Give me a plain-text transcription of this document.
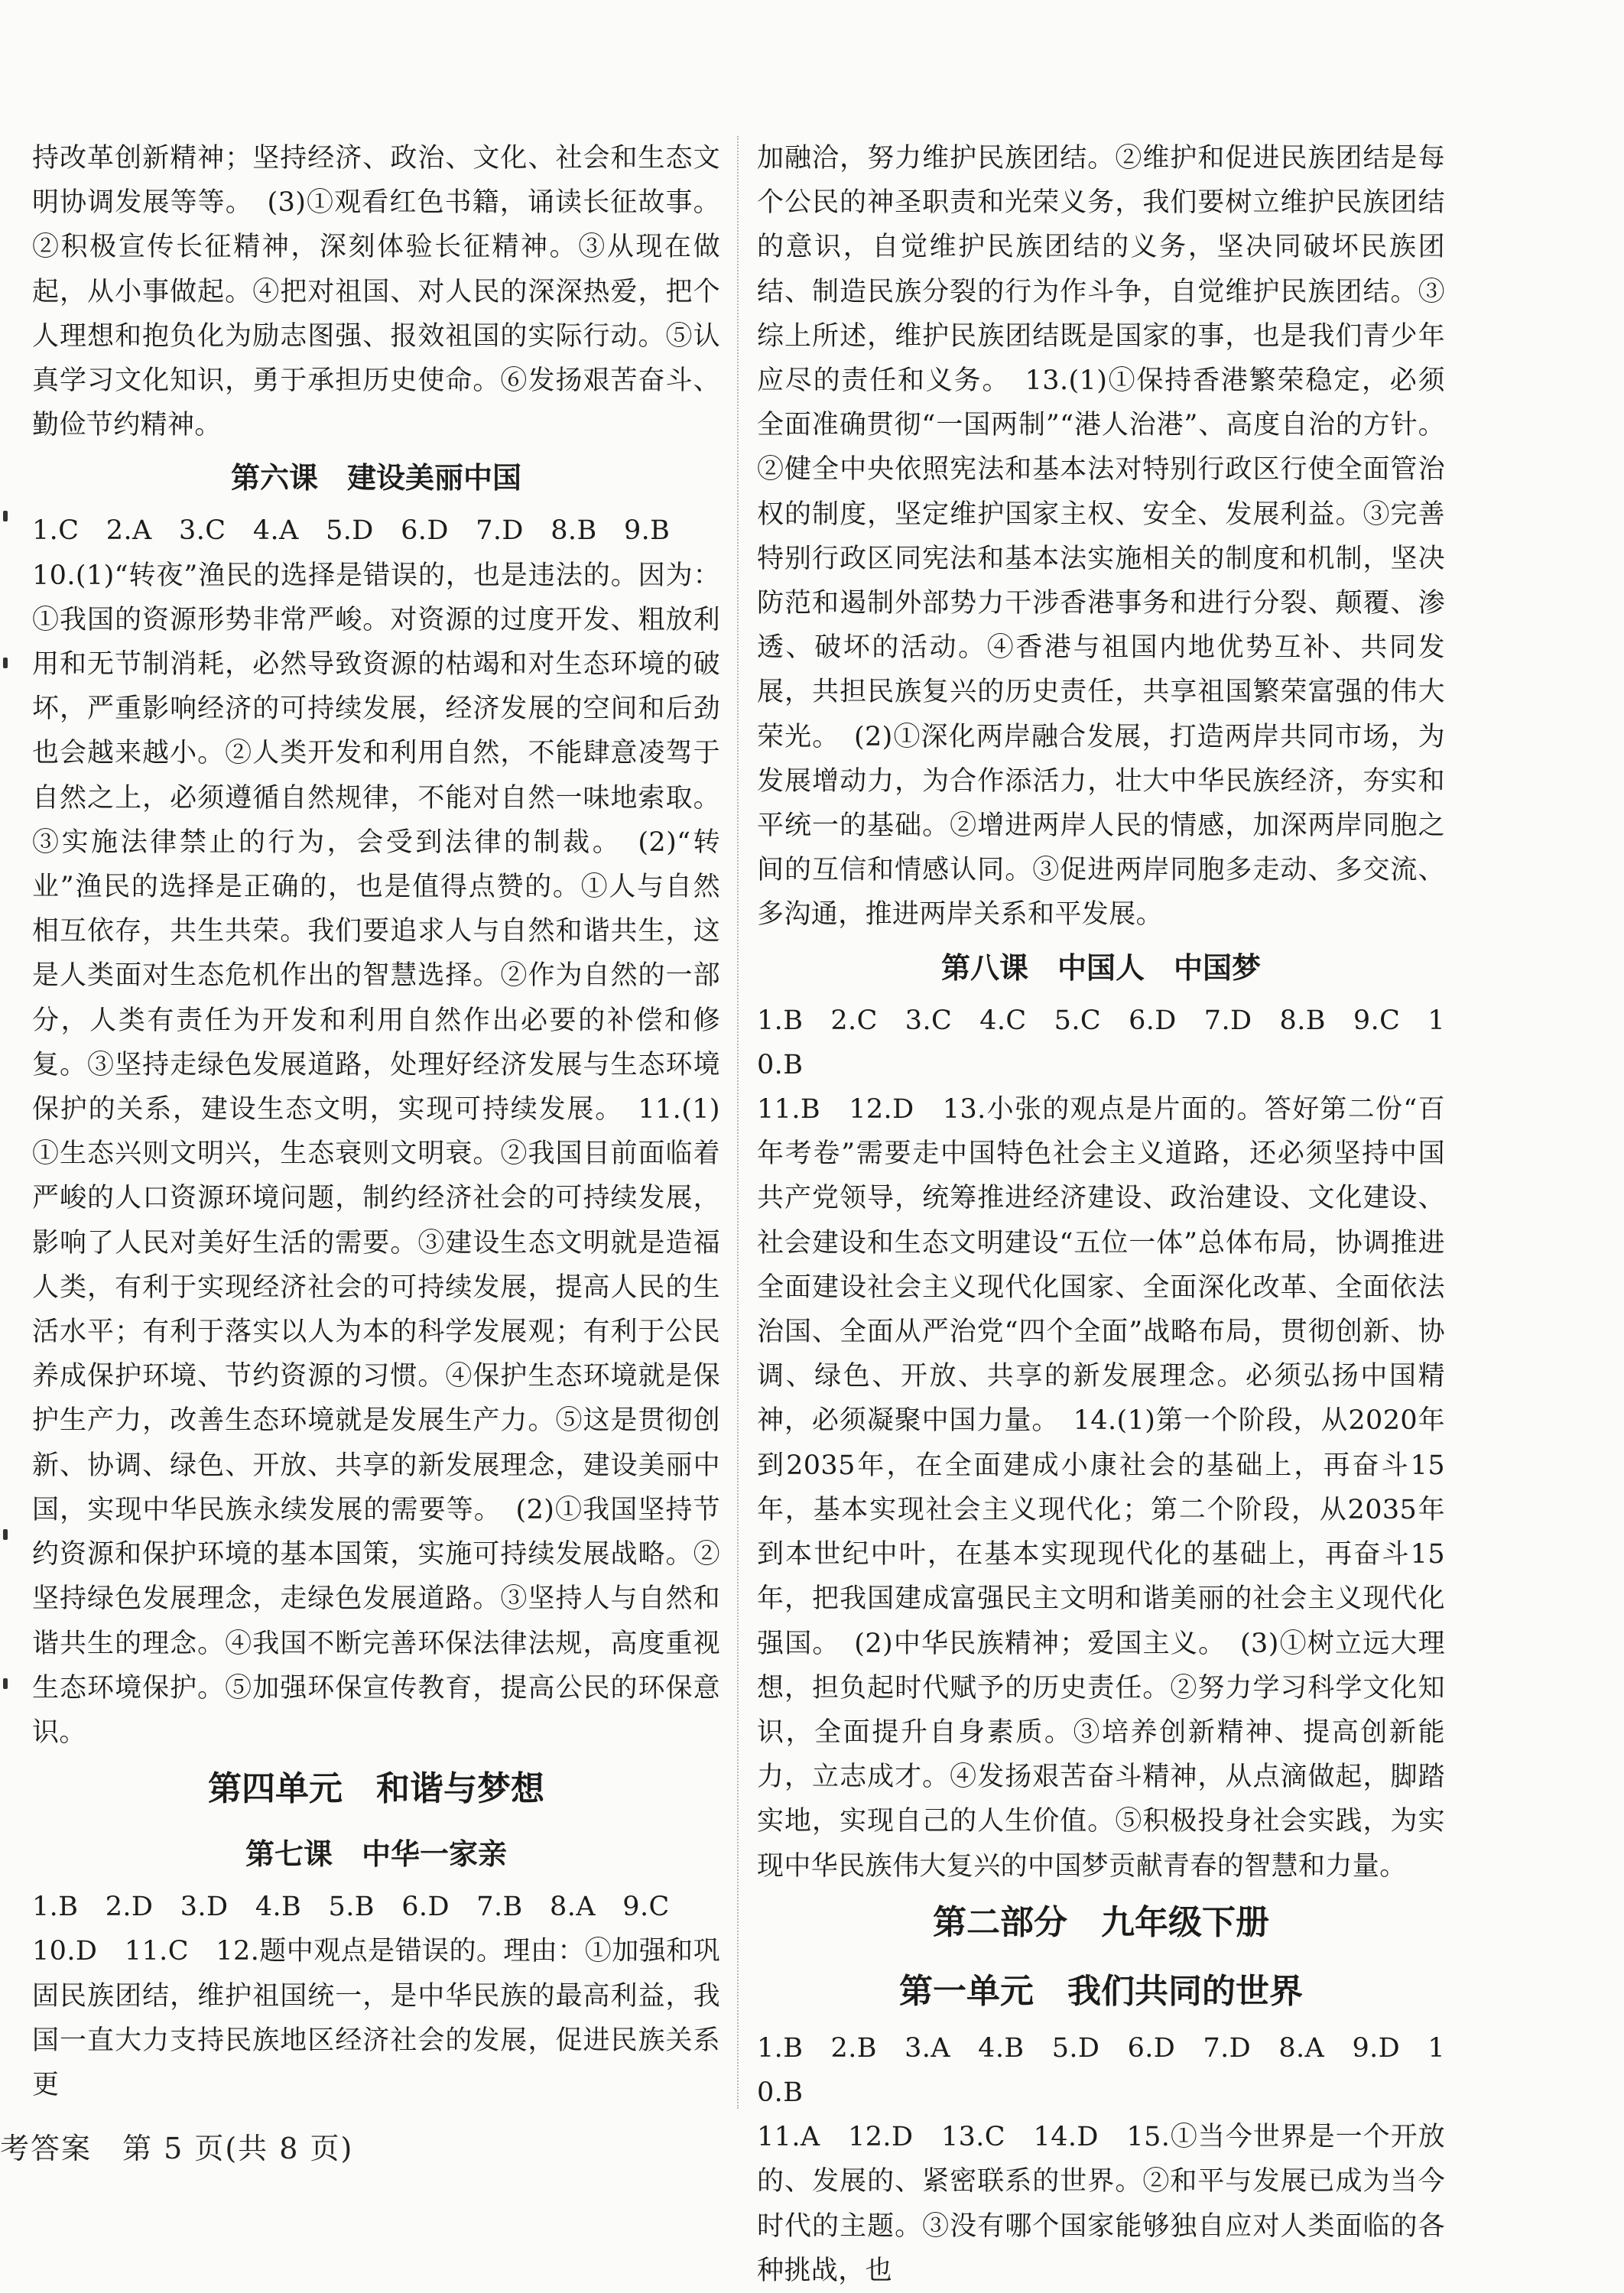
持改革创新精神；坚持经济、政治、文化、社会和生态文明协调发展等等。　(3)①观看红色书籍，诵读长征故事。②积极宣传长征精神，深刻体验长征精神。③从现在做起，从小事做起。④把对祖国、对人民的深深热爱，把个人理想和抱负化为励志图强、报效祖国的实际行动。⑤认真学习文化知识，勇于承担历史使命。⑥发扬艰苦奋斗、勤俭节约精神。

第六课　建设美丽中国

1.C　2.A　3.C　4.A　5.D　6.D　7.D　8.B　9.B

10.(1)“转夜”渔民的选择是错误的，也是违法的。因为：①我国的资源形势非常严峻。对资源的过度开发、粗放利用和无节制消耗，必然导致资源的枯竭和对生态环境的破坏，严重影响经济的可持续发展，经济发展的空间和后劲也会越来越小。②人类开发和利用自然，不能肆意凌驾于自然之上，必须遵循自然规律，不能对自然一味地索取。③实施法律禁止的行为，会受到法律的制裁。　(2)“转业”渔民的选择是正确的，也是值得点赞的。①人与自然相互依存，共生共荣。我们要追求人与自然和谐共生，这是人类面对生态危机作出的智慧选择。②作为自然的一部分，人类有责任为开发和利用自然作出必要的补偿和修复。③坚持走绿色发展道路，处理好经济发展与生态环境保护的关系，建设生态文明，实现可持续发展。　11.(1)①生态兴则文明兴，生态衰则文明衰。②我国目前面临着严峻的人口资源环境问题，制约经济社会的可持续发展，影响了人民对美好生活的需要。③建设生态文明就是造福人类，有利于实现经济社会的可持续发展，提高人民的生活水平；有利于落实以人为本的科学发展观；有利于公民养成保护环境、节约资源的习惯。④保护生态环境就是保护生产力，改善生态环境就是发展生产力。⑤这是贯彻创新、协调、绿色、开放、共享的新发展理念，建设美丽中国，实现中华民族永续发展的需要等。　(2)①我国坚持节约资源和保护环境的基本国策，实施可持续发展战略。②坚持绿色发展理念，走绿色发展道路。③坚持人与自然和谐共生的理念。④我国不断完善环保法律法规，高度重视生态环境保护。⑤加强环保宣传教育，提高公民的环保意识。

第四单元　和谐与梦想

第七课　中华一家亲

1.B　2.D　3.D　4.B　5.B　6.D　7.B　8.A　9.C

10.D　11.C　12.题中观点是错误的。理由：①加强和巩固民族团结，维护祖国统一，是中华民族的最高利益，我国一直大力支持民族地区经济社会的发展，促进民族关系更

加融洽，努力维护民族团结。②维护和促进民族团结是每个公民的神圣职责和光荣义务，我们要树立维护民族团结的意识，自觉维护民族团结的义务，坚决同破坏民族团结、制造民族分裂的行为作斗争，自觉维护民族团结。③综上所述，维护民族团结既是国家的事，也是我们青少年应尽的责任和义务。　13.(1)①保持香港繁荣稳定，必须全面准确贯彻“一国两制”“港人治港”、高度自治的方针。②健全中央依照宪法和基本法对特别行政区行使全面管治权的制度，坚定维护国家主权、安全、发展利益。③完善特别行政区同宪法和基本法实施相关的制度和机制，坚决防范和遏制外部势力干涉香港事务和进行分裂、颠覆、渗透、破坏的活动。④香港与祖国内地优势互补、共同发展，共担民族复兴的历史责任，共享祖国繁荣富强的伟大荣光。　(2)①深化两岸融合发展，打造两岸共同市场，为发展增动力，为合作添活力，壮大中华民族经济，夯实和平统一的基础。②增进两岸人民的情感，加深两岸同胞之间的互信和情感认同。③促进两岸同胞多走动、多交流、多沟通，推进两岸关系和平发展。

第八课　中国人　中国梦

1.B　2.C　3.C　4.C　5.C　6.D　7.D　8.B　9.C　10.B

11.B　12.D　13.小张的观点是片面的。答好第二份“百年考卷”需要走中国特色社会主义道路，还必须坚持中国共产党领导，统筹推进经济建设、政治建设、文化建设、社会建设和生态文明建设“五位一体”总体布局，协调推进全面建设社会主义现代化国家、全面深化改革、全面依法治国、全面从严治党“四个全面”战略布局，贯彻创新、协调、绿色、开放、共享的新发展理念。必须弘扬中国精神，必须凝聚中国力量。　14.(1)第一个阶段，从2020年到2035年，在全面建成小康社会的基础上，再奋斗15年，基本实现社会主义现代化；第二个阶段，从2035年到本世纪中叶，在基本实现现代化的基础上，再奋斗15年，把我国建成富强民主文明和谐美丽的社会主义现代化强国。　(2)中华民族精神；爱国主义。　(3)①树立远大理想，担负起时代赋予的历史责任。②努力学习科学文化知识，全面提升自身素质。③培养创新精神、提高创新能力，立志成才。④发扬艰苦奋斗精神，从点滴做起，脚踏实地，实现自己的人生价值。⑤积极投身社会实践，为实现中华民族伟大复兴的中国梦贡献青春的智慧和力量。

第二部分　九年级下册

第一单元　我们共同的世界

1.B　2.B　3.A　4.B　5.D　6.D　7.D　8.A　9.D　10.B

11.A　12.D　13.C　14.D　15.①当今世界是一个开放的、发展的、紧密联系的世界。②和平与发展已成为当今时代的主题。③没有哪个国家能够独自应对人类面临的各种挑战，也

考答案　第 5 页(共 8 页)
